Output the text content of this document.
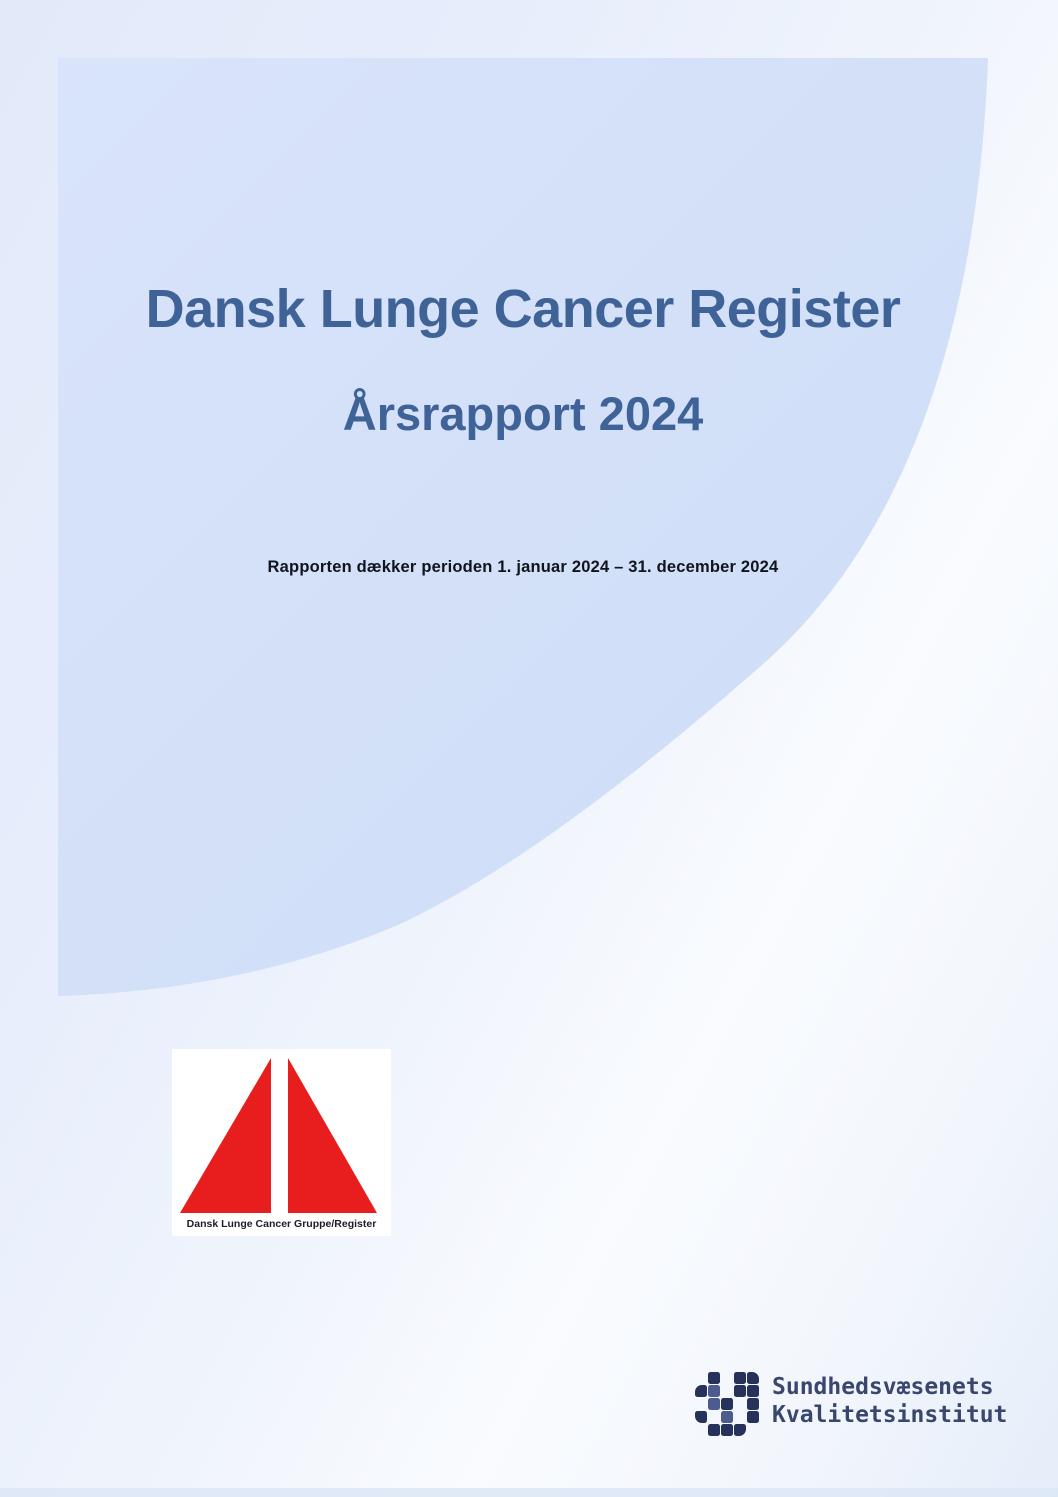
Dansk Lunge Cancer Register
Årsrapport 2024
Rapporten dækker perioden 1. januar 2024 – 31. december 2024
Dansk Lunge Cancer Gruppe/Register
Sundhedsvæsenets
Kvalitetsinstitut
